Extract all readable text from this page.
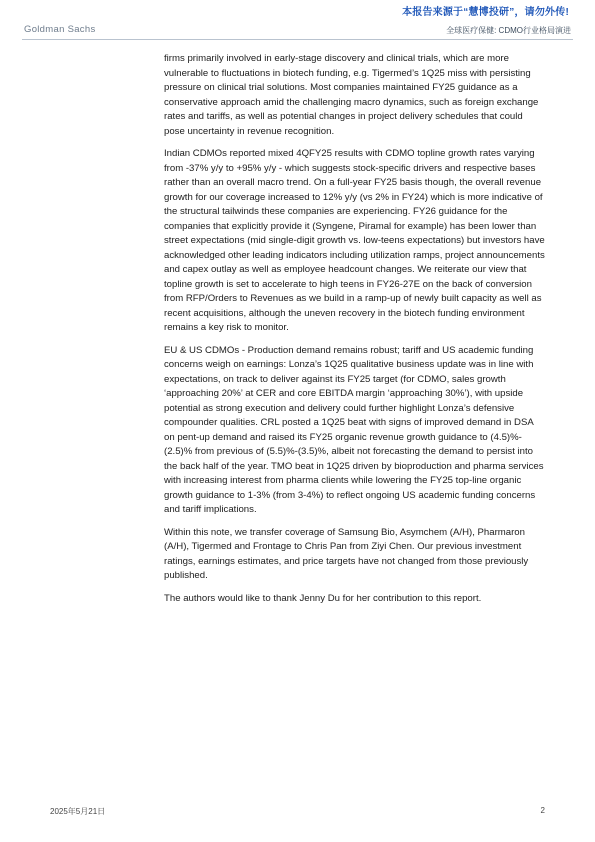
本报告来源于“慧博投研”，请勿外传!
Goldman Sachs	全球医疗保健: CDMO行业格局演进

firms primarily involved in early-stage discovery and clinical trials, which are more vulnerable to fluctuations in biotech funding, e.g. Tigermed’s 1Q25 miss with persisting pressure on clinical trial solutions. Most companies maintained FY25 guidance as a conservative approach amid the challenging macro dynamics, such as foreign exchange rates and tariffs, as well as potential changes in project delivery schedules that could pose uncertainty in revenue recognition.

Indian CDMOs reported mixed 4QFY25 results with CDMO topline growth rates varying from -37% y/y to +95% y/y - which suggests stock-specific drivers and respective bases rather than an overall macro trend. On a full-year FY25 basis though, the overall revenue growth for our coverage increased to 12% y/y (vs 2% in FY24) which is more indicative of the structural tailwinds these companies are experiencing. FY26 guidance for the companies that explicitly provide it (Syngene, Piramal for example) has been lower than street expectations (mid single-digit growth vs. low-teens expectations) but investors have acknowledged other leading indicators including utilization ramps, project announcements and capex outlay as well as employee headcount changes. We reiterate our view that topline growth is set to accelerate to high teens in FY26-27E on the back of conversion from RFP/Orders to Revenues as we build in a ramp-up of newly built capacity as well as recent acquisitions, although the uneven recovery in the biotech funding environment remains a key risk to monitor.

EU & US CDMOs - Production demand remains robust; tariff and US academic funding concerns weigh on earnings: Lonza’s 1Q25 qualitative business update was in line with expectations, on track to deliver against its FY25 target (for CDMO, sales growth ‘approaching 20%’ at CER and core EBITDA margin ‘approaching 30%’), with upside potential as strong execution and delivery could further highlight Lonza’s defensive compounder qualities. CRL posted a 1Q25 beat with signs of improved demand in DSA on pent-up demand and raised its FY25 organic revenue growth guidance to (4.5)%-(2.5)% from previous of (5.5)%-(3.5)%, albeit not forecasting the demand to persist into the back half of the year. TMO beat in 1Q25 driven by bioproduction and pharma services with increasing interest from pharma clients while lowering the FY25 top-line organic growth guidance to 1-3% (from 3-4%) to reflect ongoing US academic funding concerns and tariff implications.

Within this note, we transfer coverage of Samsung Bio, Asymchem (A/H), Pharmaron (A/H), Tigermed and Frontage to Chris Pan from Ziyi Chen. Our previous investment ratings, earnings estimates, and price targets have not changed from those previously published.

The authors would like to thank Jenny Du for her contribution to this report.

2025年5月21日	2
